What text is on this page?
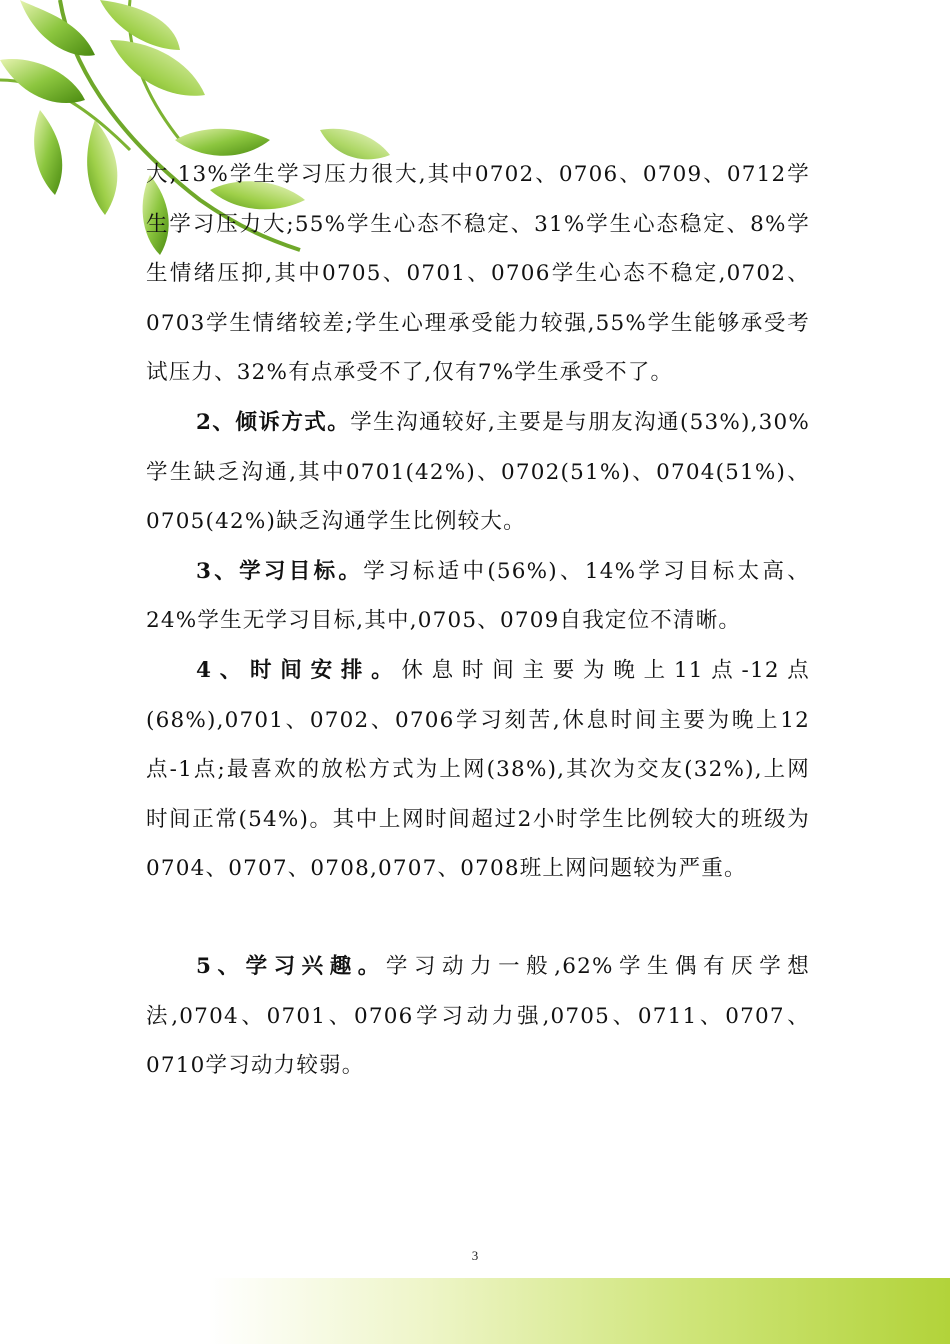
大,13%学生学习压力很大,其中0702、0706、0709、0712学生学习压力大;55%学生心态不稳定、31%学生心态稳定、8%学生情绪压抑,其中0705、0701、0706学生心态不稳定,0702、0703学生情绪较差;学生心理承受能力较强,55%学生能够承受考试压力、32%有点承受不了,仅有7%学生承受不了。

2、倾诉方式。学生沟通较好,主要是与朋友沟通(53%),30%学生缺乏沟通,其中0701(42%)、0702(51%)、0704(51%)、0705(42%)缺乏沟通学生比例较大。

3、学习目标。学习标适中(56%)、14%学习目标太高、24%学生无学习目标,其中,0705、0709自我定位不清晰。

4、时间安排。休息时间主要为晚上11点-12点(68%),0701、0702、0706学习刻苦,休息时间主要为晚上12点-1点;最喜欢的放松方式为上网(38%),其次为交友(32%),上网时间正常(54%)。其中上网时间超过2小时学生比例较大的班级为0704、0707、0708,0707、0708班上网问题较为严重。

5、学习兴趣。学习动力一般,62%学生偶有厌学想法,0704、0701、0706学习动力强,0705、0711、0707、0710学习动力较弱。

3
